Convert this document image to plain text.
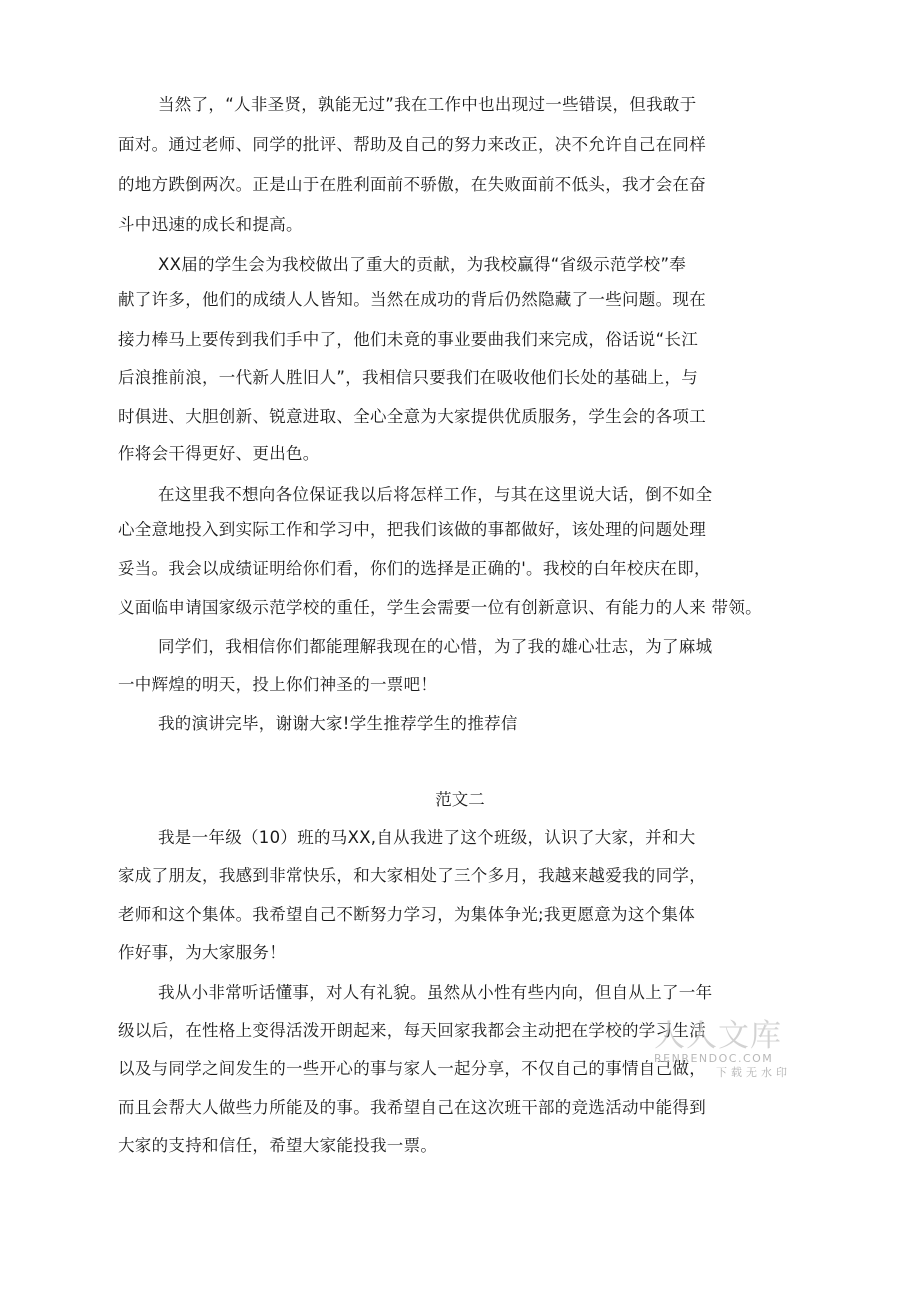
当然了，“人非圣贤，孰能无过”我在工作中也出现过一些错误，但我敢于
面对。通过老师、同学的批评、帮助及自己的努力来改正，决不允许自己在同样
的地方跌倒两次。正是山于在胜利面前不骄傲，在失败面前不低头，我才会在奋
斗中迅速的成长和提高。
XX届的学生会为我校做出了重大的贡献，为我校赢得“省级示范学校”奉
献了许多，他们的成绩人人皆知。当然在成功的背后仍然隐藏了一些问题。现在
接力棒马上要传到我们手中了，他们未竟的事业要曲我们来完成，俗话说“长江
后浪推前浪，一代新人胜旧人”，我相信只要我们在吸收他们长处的基础上，与
时俱进、大胆创新、锐意进取、全心全意为大家提供优质服务，学生会的各项工
作将会干得更好、更出色。
在这里我不想向各位保证我以后将怎样工作，与其在这里说大话，倒不如全
心全意地投入到实际工作和学习中，把我们该做的事都做好，该处理的问题处理
妥当。我会以成绩证明给你们看，你们的选择是正确的'。我校的白年校庆在即，
义面临申请国家级示范学校的重任，学生会需要一位有创新意识、有能力的人来 带领。
同学们，我相信你们都能理解我现在的心惜，为了我的雄心壮志，为了麻城
一中辉煌的明天，投上你们神圣的一票吧！
我的演讲完毕，谢谢大家!学生推荐学生的推荐信
范文二
我是一年级（10）班的马XX,自从我进了这个班级，认识了大家，并和大
家成了朋友，我感到非常快乐，和大家相处了三个多月，我越来越爱我的同学，
老师和这个集体。我希望自己不断努力学习，为集体争光;我更愿意为这个集体
作好事，为大家服务！
我从小非常听话懂事，对人有礼貌。虽然从小性有些内向，但自从上了一年
级以后，在性格上变得活泼开朗起来，每天回家我都会主动把在学校的学习生活
以及与同学之间发生的一些开心的事与家人一起分享，不仅自己的事情自己做，
而且会帮大人做些力所能及的事。我希望自己在这次班干部的竞选活动中能得到
大家的支持和信任，希望大家能投我一票。
人人文库
RENRENDOC.COM
下载无水印
